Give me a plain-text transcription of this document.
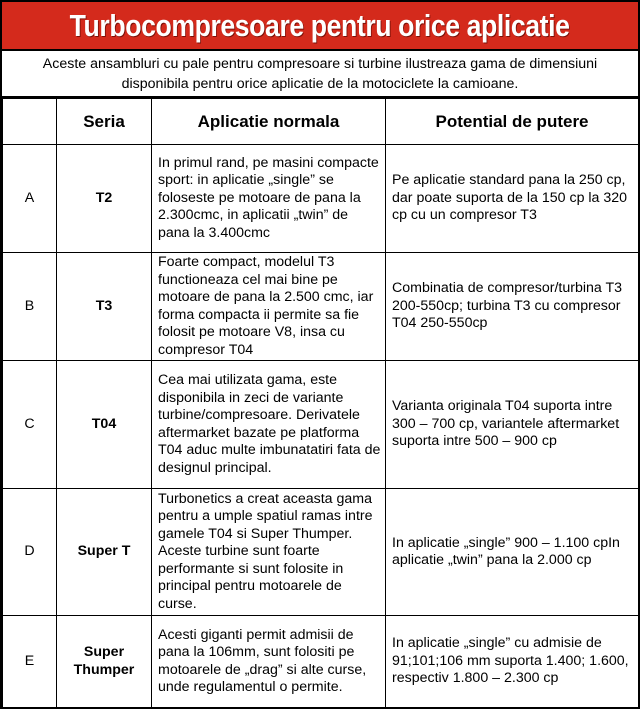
Turbocompresoare pentru orice aplicatie
Aceste ansambluri cu pale pentru compresoare si turbine ilustreaza gama de dimensiuni disponibila pentru orice aplicatie de la motociclete la camioane.
	Seria	Aplicatie normala	Potential de putere
A	T2	In primul rand, pe masini compacte sport: in aplicatie „single” se foloseste pe motoare de pana la 2.300cmc, in aplicatii „twin” de pana la 3.400cmc	Pe aplicatie standard pana la 250 cp, dar poate suporta de la 150 cp la 320 cp cu un compresor T3
B	T3	Foarte compact, modelul T3 functioneaza cel mai bine pe motoare de pana la 2.500 cmc, iar forma compacta ii permite sa fie folosit pe motoare V8, insa cu compresor T04	Combinatia de compresor/turbina T3 200-550cp; turbina T3 cu compresor T04 250-550cp
C	T04	Cea mai utilizata gama, este disponibila in zeci de variante turbine/compresoare. Derivatele aftermarket bazate pe platforma T04 aduc multe imbunatatiri fata de designul principal.	Varianta originala T04 suporta intre 300 – 700 cp, variantele aftermarket suporta intre 500 – 900 cp
D	Super T	Turbonetics a creat aceasta gama pentru a umple spatiul ramas intre gamele T04 si Super Thumper. Aceste turbine sunt foarte performante si sunt folosite in principal pentru motoarele de curse.	In aplicatie „single” 900 – 1.100 cpIn aplicatie „twin” pana la 2.000 cp
E	Super Thumper	Acesti giganti permit admisii de pana la 106mm, sunt folositi pe motoarele de „drag” si alte curse, unde regulamentul o permite.	In aplicatie „single” cu admisie de 91;101;106 mm suporta 1.400; 1.600, respectiv 1.800 – 2.300 cp
